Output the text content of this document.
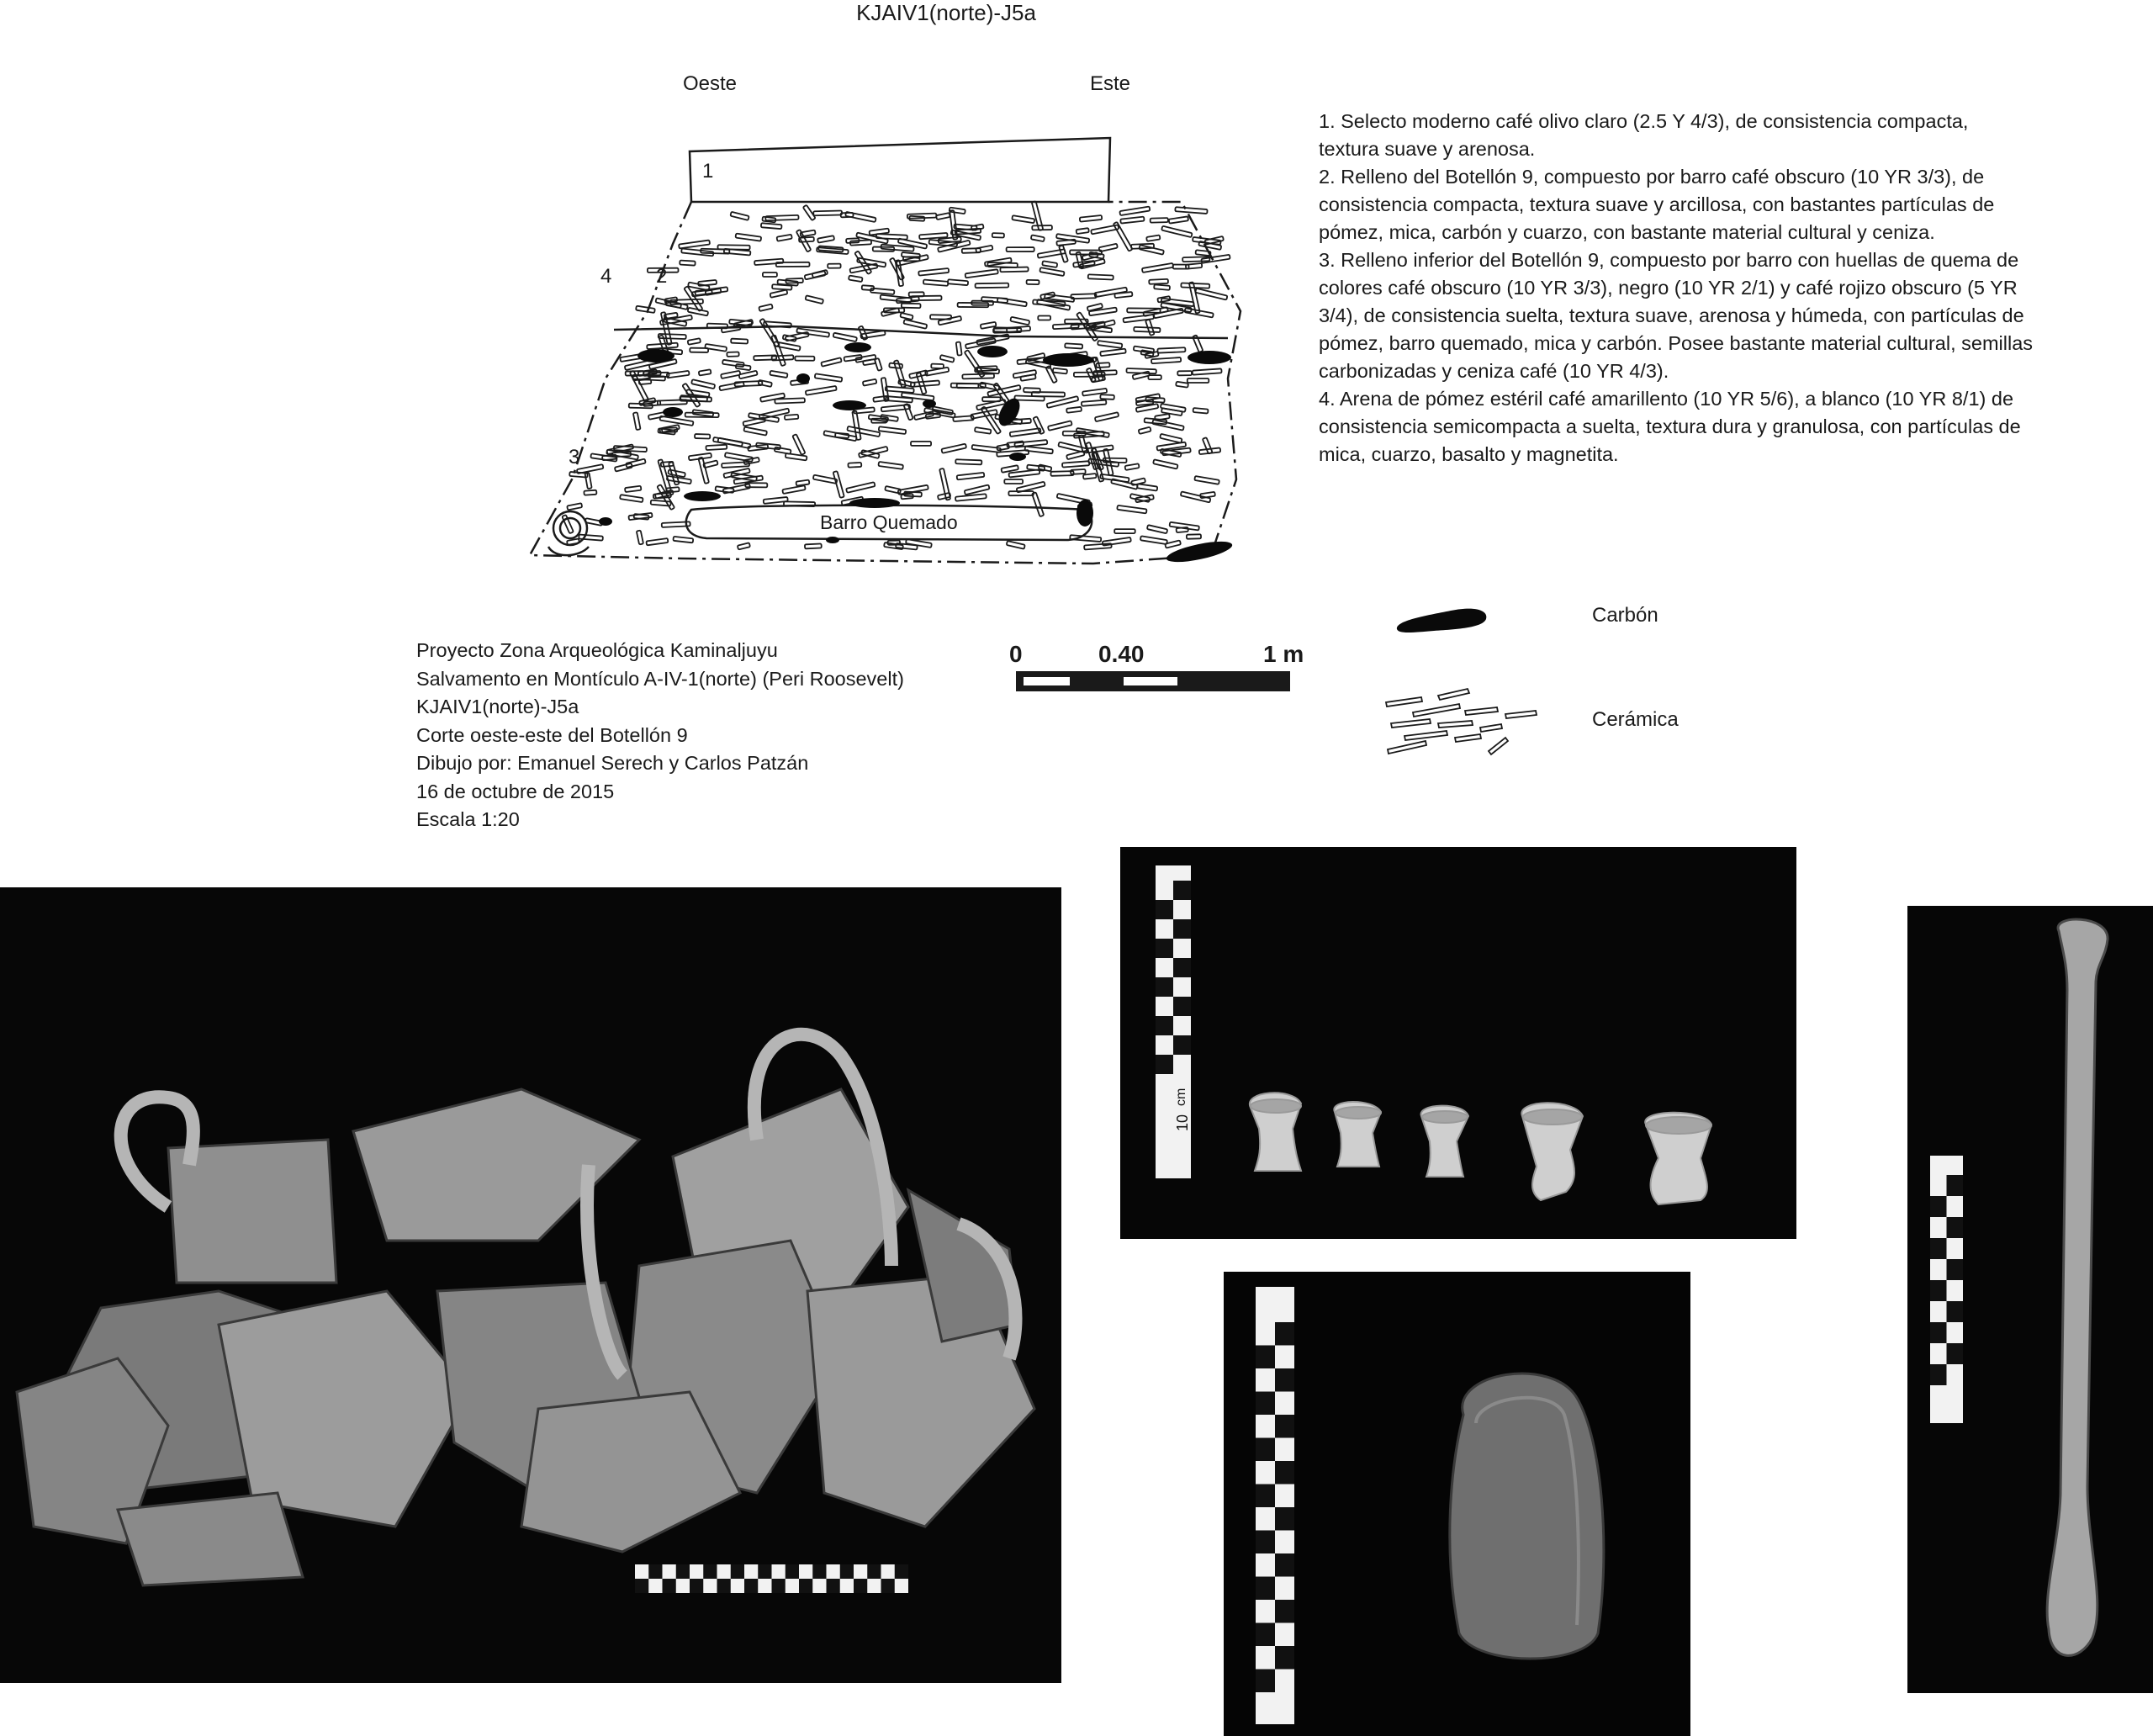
KJAIV1(norte)-J5a
Oeste	Este
1
2
3
4
Barro Quemado

1. Selecto moderno café olivo claro (2.5 Y 4/3), de consistencia compacta, textura suave y arenosa.

2. Relleno del Botellón 9, compuesto por barro café obscuro (10 YR 3/3), de consistencia compacta, textura suave y arcillosa, con bastantes partículas de pómez, mica, carbón y cuarzo, con bastante material cultural y ceniza.

3. Relleno inferior del Botellón 9, compuesto por barro con huellas de quema de colores café obscuro (10 YR 3/3), negro (10 YR 2/1) y café rojizo obscuro (5 YR 3/4), de consistencia suelta, textura suave, arenosa y húmeda, con partículas de pómez, barro quemado, mica y carbón. Posee bastante material cultural, semillas carbonizadas y ceniza café (10 YR 4/3).

4. Arena de pómez estéril café amarillento (10 YR 5/6), a blanco (10 YR 8/1) de consistencia semicompacta a suelta, textura dura y granulosa, con partículas de mica, cuarzo, basalto y magnetita.

Proyecto Zona Arqueológica Kaminaljuyu
Salvamento en Montículo A-IV-1(norte) (Peri Roosevelt)
KJAIV1(norte)-J5a
Corte oeste-este del Botellón 9
Dibujo por: Emanuel Serech y Carlos Patzán
16 de octubre de 2015
Escala 1:20
0	0.40	1 m
Carbón
Cerámica
10
cm
